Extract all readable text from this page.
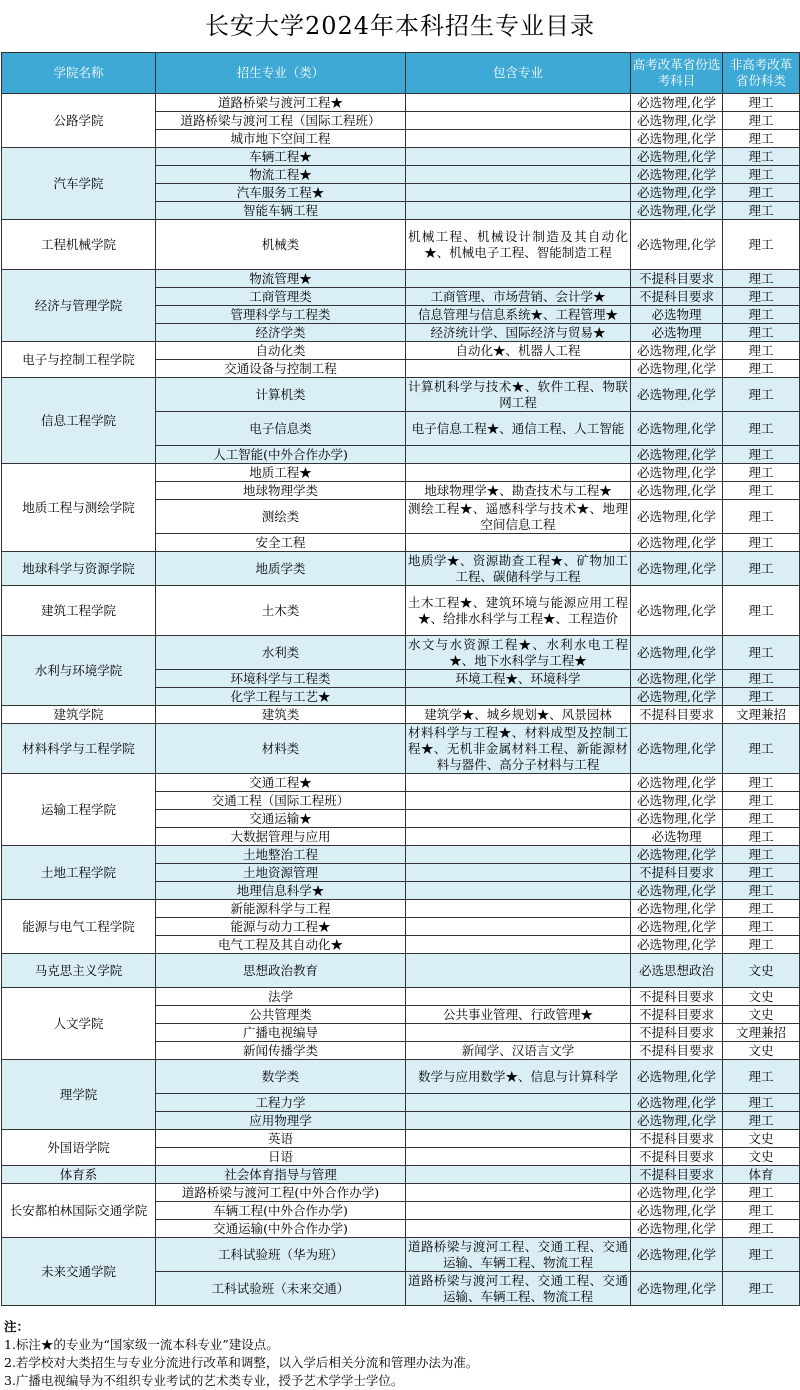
长安大学2024年本科招生专业目录
学院名称	招生专业（类）	包含专业	高考改革省份选考科目	非高考改革省份科类
公路学院	道路桥梁与渡河工程★		必选物理,化学	理工
	道路桥梁与渡河工程（国际工程班）		必选物理,化学	理工
	城市地下空间工程		必选物理,化学	理工
汽车学院	车辆工程★		必选物理,化学	理工
	物流工程★		必选物理,化学	理工
	汽车服务工程★		必选物理,化学	理工
	智能车辆工程		必选物理,化学	理工
工程机械学院	机械类	机械工程、机械设计制造及其自动化★、机械电子工程、智能制造工程	必选物理,化学	理工
经济与管理学院	物流管理★		不提科目要求	理工
	工商管理类	工商管理、市场营销、会计学★	不提科目要求	理工
	管理科学与工程类	信息管理与信息系统★、工程管理★	必选物理	理工
	经济学类	经济统计学、国际经济与贸易★	必选物理	理工
电子与控制工程学院	自动化类	自动化★、机器人工程	必选物理,化学	理工
	交通设备与控制工程		必选物理,化学	理工
信息工程学院	计算机类	计算机科学与技术★、软件工程、物联网工程	必选物理,化学	理工
	电子信息类	电子信息工程★、通信工程、人工智能	必选物理,化学	理工
	人工智能(中外合作办学)		必选物理,化学	理工
地质工程与测绘学院	地质工程★		必选物理,化学	理工
	地球物理学类	地球物理学★、勘查技术与工程★	必选物理,化学	理工
	测绘类	测绘工程★、遥感科学与技术★、地理空间信息工程	必选物理,化学	理工
	安全工程		必选物理,化学	理工
地球科学与资源学院	地质学类	地质学★、资源勘查工程★、矿物加工工程、碳储科学与工程	必选物理,化学	理工
建筑工程学院	土木类	土木工程★、建筑环境与能源应用工程★、给排水科学与工程★、工程造价	必选物理,化学	理工
水利与环境学院	水利类	水文与水资源工程★、水利水电工程★、地下水科学与工程★	必选物理,化学	理工
	环境科学与工程类	环境工程★、环境科学	必选物理,化学	理工
	化学工程与工艺★		必选物理,化学	理工
建筑学院	建筑类	建筑学★、城乡规划★、风景园林	不提科目要求	文理兼招
材料科学与工程学院	材料类	材料科学与工程★、材料成型及控制工程★、无机非金属材料工程、新能源材料与器件、高分子材料与工程	必选物理,化学	理工
运输工程学院	交通工程★		必选物理,化学	理工
	交通工程（国际工程班）		必选物理,化学	理工
	交通运输★		必选物理,化学	理工
	大数据管理与应用		必选物理	理工
土地工程学院	土地整治工程		必选物理,化学	理工
	土地资源管理		不提科目要求	理工
	地理信息科学★		必选物理,化学	理工
能源与电气工程学院	新能源科学与工程		必选物理,化学	理工
	能源与动力工程★		必选物理,化学	理工
	电气工程及其自动化★		必选物理,化学	理工
马克思主义学院	思想政治教育		必选思想政治	文史
人文学院	法学		不提科目要求	文史
	公共管理类	公共事业管理、行政管理★	不提科目要求	文史
	广播电视编导		不提科目要求	文理兼招
	新闻传播学类	新闻学、汉语言文学	不提科目要求	文史
理学院	数学类	数学与应用数学★、信息与计算科学	必选物理,化学	理工
	工程力学		必选物理,化学	理工
	应用物理学		必选物理,化学	理工
外国语学院	英语		不提科目要求	文史
	日语		不提科目要求	文史
体育系	社会体育指导与管理		不提科目要求	体育
长安都柏林国际交通学院	道路桥梁与渡河工程(中外合作办学)		必选物理,化学	理工
	车辆工程(中外合作办学)		必选物理,化学	理工
	交通运输(中外合作办学)		必选物理,化学	理工
未来交通学院	工科试验班（华为班）	道路桥梁与渡河工程、交通工程、交通运输、车辆工程、物流工程	必选物理,化学	理工
	工科试验班（未来交通）	道路桥梁与渡河工程、交通工程、交通运输、车辆工程、物流工程	必选物理,化学	理工
注：
1.标注★的专业为“国家级一流本科专业”建设点。
2.若学校对大类招生与专业分流进行改革和调整，以入学后相关分流和管理办法为准。
3.广播电视编导为不组织专业考试的艺术类专业，授予艺术学学士学位。
